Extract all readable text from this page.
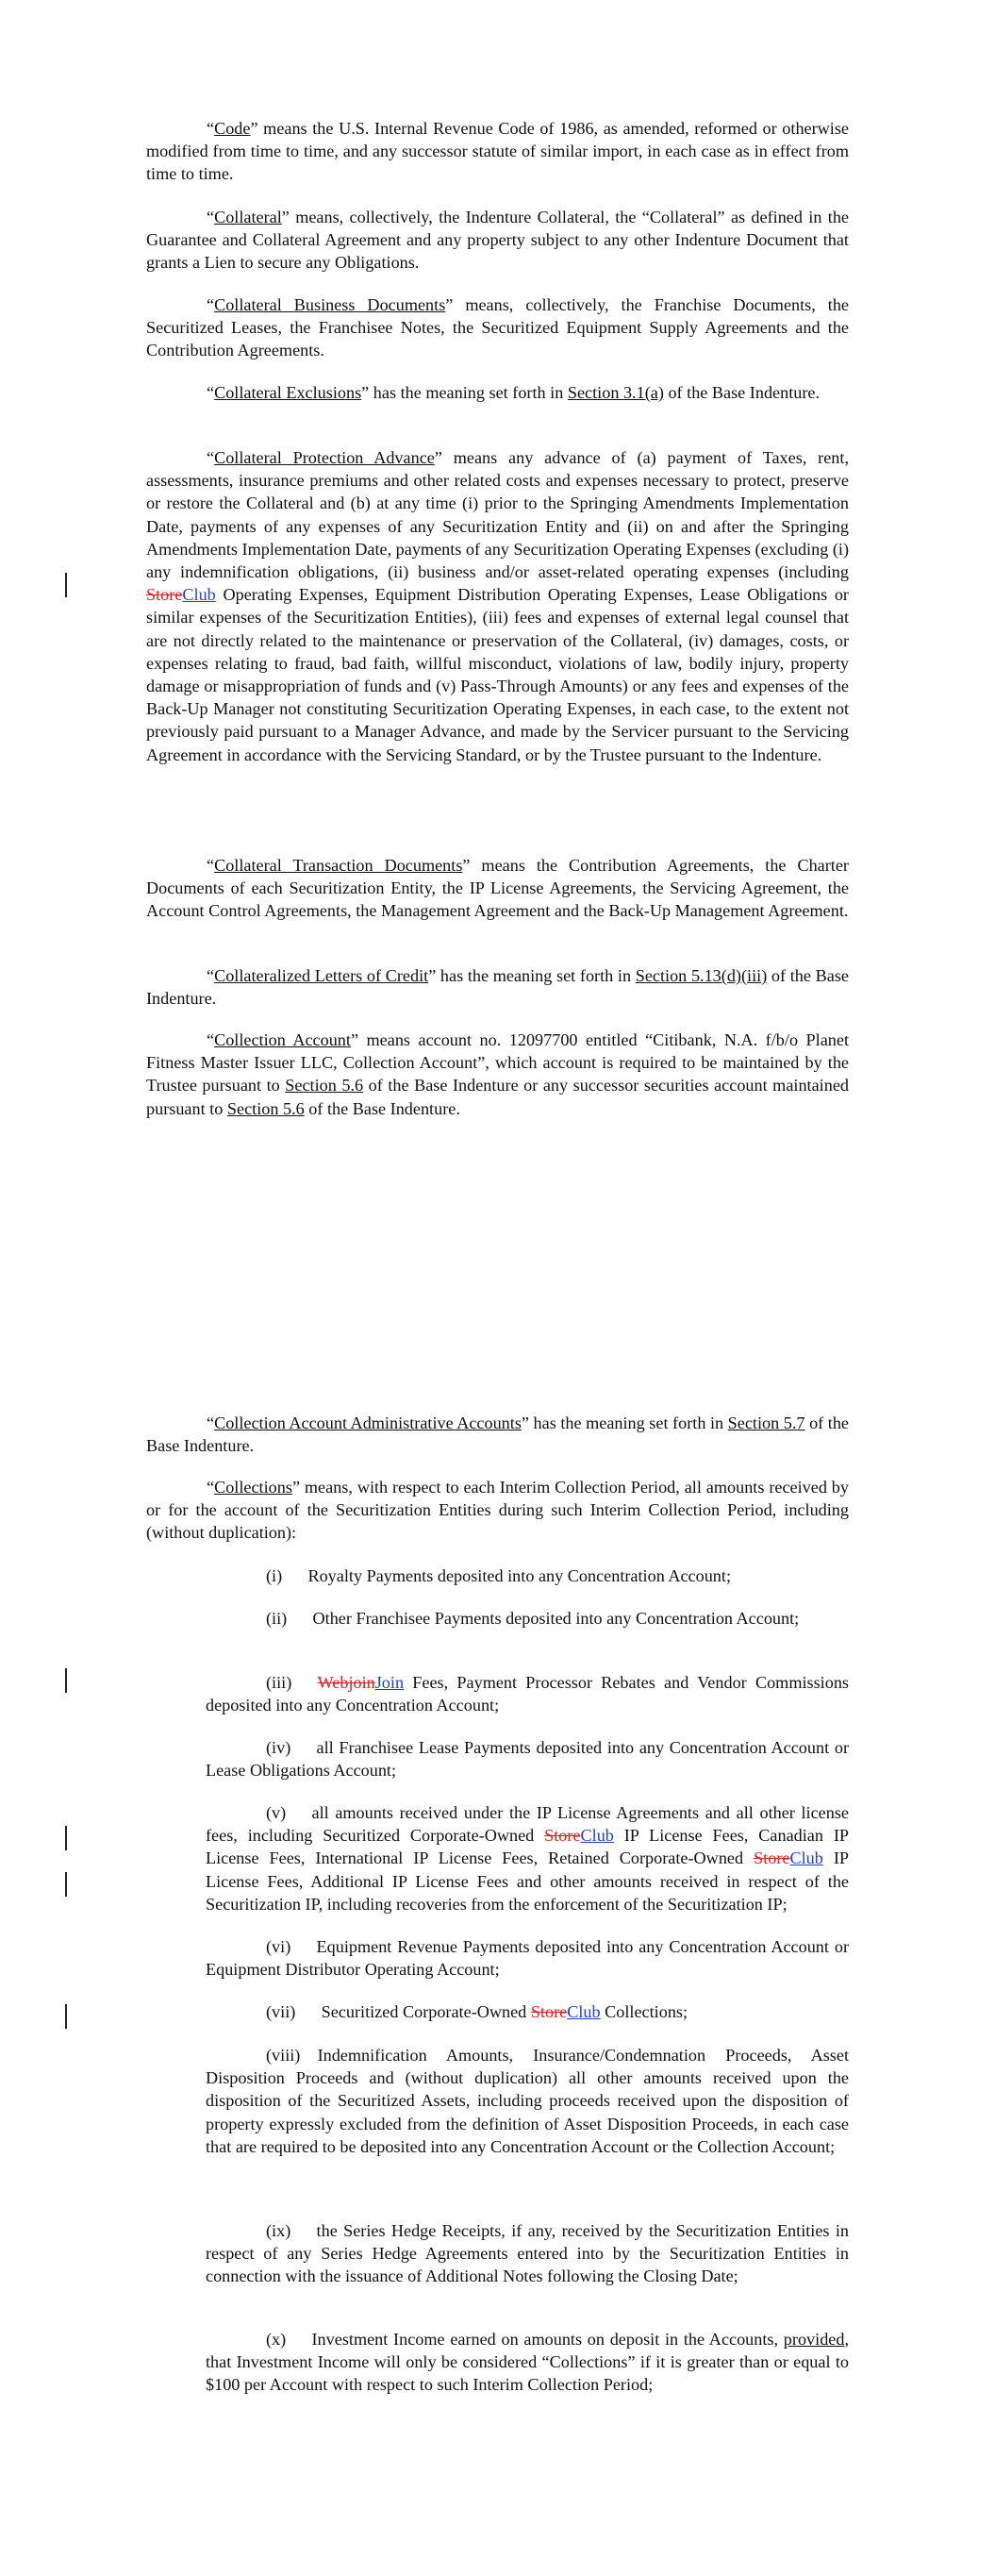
“Code” means the U.S. Internal Revenue Code of 1986, as amended, reformed or otherwise modified from time to time, and any successor statute of similar import, in each case as in effect from time to time.

“Collateral” means, collectively, the Indenture Collateral, the “Collateral” as defined in the Guarantee and Collateral Agreement and any property subject to any other Indenture Document that grants a Lien to secure any Obligations.

“Collateral Business Documents” means, collectively, the Franchise Documents, the Securitized Leases, the Franchisee Notes, the Securitized Equipment Supply Agreements and the Contribution Agreements.

“Collateral Exclusions” has the meaning set forth in Section 3.1(a) of the Base Indenture.

“Collateral Protection Advance” means any advance of (a) payment of Taxes, rent, assessments, insurance premiums and other related costs and expenses necessary to protect, preserve or restore the Collateral and (b) at any time (i) prior to the Springing Amendments Implementation Date, payments of any expenses of any Securitization Entity and (ii) on and after the Springing Amendments Implementation Date, payments of any Securitization Operating Expenses (excluding (i) any indemnification obligations, (ii) business and/or asset-related operating expenses (including StoreClub Operating Expenses, Equipment Distribution Operating Expenses, Lease Obligations or similar expenses of the Securitization Entities), (iii) fees and expenses of external legal counsel that are not directly related to the maintenance or preservation of the Collateral, (iv) damages, costs, or expenses relating to fraud, bad faith, willful misconduct, violations of law, bodily injury, property damage or misappropriation of funds and (v) Pass-Through Amounts) or any fees and expenses of the Back-Up Manager not constituting Securitization Operating Expenses, in each case, to the extent not previously paid pursuant to a Manager Advance, and made by the Servicer pursuant to the Servicing Agreement in accordance with the Servicing Standard, or by the Trustee pursuant to the Indenture.

“Collateral Transaction Documents” means the Contribution Agreements, the Charter Documents of each Securitization Entity, the IP License Agreements, the Servicing Agreement, the Account Control Agreements, the Management Agreement and the Back-Up Management Agreement.

“Collateralized Letters of Credit” has the meaning set forth in Section 5.13(d)(iii) of the Base Indenture.

“Collection Account” means account no. 12097700 entitled “Citibank, N.A. f/b/o Planet Fitness Master Issuer LLC, Collection Account”, which account is required to be maintained by the Trustee pursuant to Section 5.6 of the Base Indenture or any successor securities account maintained pursuant to Section 5.6 of the Base Indenture.

“Collection Account Administrative Accounts” has the meaning set forth in Section 5.7 of the Base Indenture.

“Collections” means, with respect to each Interim Collection Period, all amounts received by or for the account of the Securitization Entities during such Interim Collection Period, including (without duplication):

(i)   Royalty Payments deposited into any Concentration Account;

(ii)   Other Franchisee Payments deposited into any Concentration Account;

(iii)   WebjoinJoin Fees, Payment Processor Rebates and Vendor Commissions deposited into any Concentration Account;

(iv)   all Franchisee Lease Payments deposited into any Concentration Account or Lease Obligations Account;

(v)   all amounts received under the IP License Agreements and all other license fees, including Securitized Corporate-Owned StoreClub IP License Fees, Canadian IP License Fees, International IP License Fees, Retained Corporate-Owned StoreClub IP License Fees, Additional IP License Fees and other amounts received in respect of the Securitization IP, including recoveries from the enforcement of the Securitization IP;

(vi)   Equipment Revenue Payments deposited into any Concentration Account or Equipment Distributor Operating Account;

(vii)   Securitized Corporate-Owned StoreClub Collections;

(viii)  Indemnification Amounts, Insurance/Condemnation Proceeds, Asset Disposition Proceeds and (without duplication) all other amounts received upon the disposition of the Securitized Assets, including proceeds received upon the disposition of property expressly excluded from the definition of Asset Disposition Proceeds, in each case that are required to be deposited into any Concentration Account or the Collection Account;

(ix)   the Series Hedge Receipts, if any, received by the Securitization Entities in respect of any Series Hedge Agreements entered into by the Securitization Entities in connection with the issuance of Additional Notes following the Closing Date;

(x)   Investment Income earned on amounts on deposit in the Accounts, provided, that Investment Income will only be considered “Collections” if it is greater than or equal to $100 per Account with respect to such Interim Collection Period;
